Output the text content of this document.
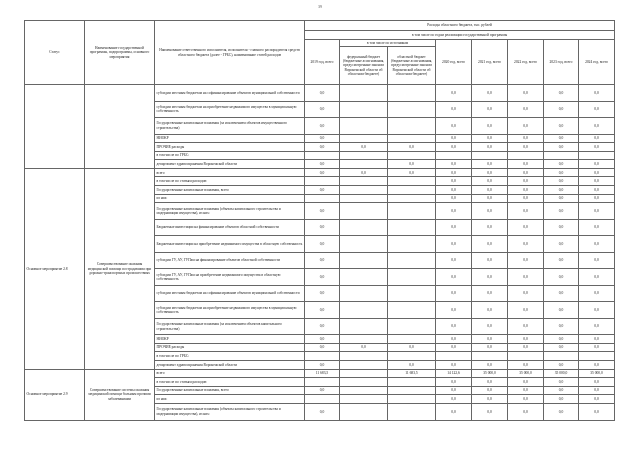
39
Статус	Наименование государственной программы, подпрограммы, основного мероприятия	Наименование ответственного исполнителя, исполнителя - главного распорядителя средств областного бюджета (далее - ГРБС), наименование статей расходов	Расходы областного бюджета, тыс. рублей							
			в том числе по годам реализации государственной программы							
			2019 год, всего	в том числе по источникам		2020 год, всего	2021 год, всего	2022 год, всего	2023 год, всего	2024 год, всего
				федеральный бюджет (бюджетные ассигнования, предусмотренные законом Воронежской области об областном бюджете)	областной бюджет (бюджетные ассигнования, предусмотренные законом Воронежской области об областном бюджете)					
		субсидии местным бюджетам на софинансирование объектов муниципальной собственности	0,0			0,0	0,0	0,0	0,0	0,0
		субсидии местным бюджетам на приобретение недвижимого имущества в муниципальную собственность	0,0			0,0	0,0	0,0	0,0	0,0
		Государственные капитальные вложения (за исключением объектов имущественного строительства)	0,0			0,0	0,0	0,0	0,0	0,0
		НИОКР	0,0			0,0	0,0	0,0	0,0	0,0
		ПРОЧИЕ расходы	0,0	0,0	0,0	0,0	0,0	0,0	0,0	0,0
		в том числе по ГРБС:								
		департамент здравоохранения Воронежской области	0,0		0,0	0,0	0,0	0,0	0,0	0,0
Основное мероприятие 2.8	Совершенствование оказания медицинской помощи пострадавшим при дорожно-транспортных происшествиях	всего	0,0	0,0	0,0	0,0	0,0	0,0	0,0	0,0
		в том числе по статьям расходов:				0,0	0,0	0,0	0,0	0,0
		Государственные капитальные вложения, всего	0,0			0,0	0,0	0,0	0,0	0,0
		из них:				0,0	0,0	0,0	0,0	0,0
		Государственные капитальные вложения (объекты капитального строительства и модернизации имущества), из них:	0,0			0,0	0,0	0,0	0,0	0,0
		Бюджетные инвестиции на финансирование объектов областной собственности	0,0			0,0	0,0	0,0	0,0	0,0
		Бюджетные инвестиции на приобретение недвижимого имущества в областную собственность	0,0			0,0	0,0	0,0	0,0	0,0
		субсидии ГУ, АУ, ГУПам на финансирование объектов областной собственности	0,0			0,0	0,0	0,0	0,0	0,0
		субсидии ГУ, АУ, ГУПам на приобретение недвижимого имущества в областную собственность	0,0			0,0	0,0	0,0	0,0	0,0
		субсидии местным бюджетам на софинансирование объектов муниципальной собственности	0,0			0,0	0,0	0,0	0,0	0,0
		субсидии местным бюджетам на приобретение недвижимого имущества в муниципальную собственность	0,0			0,0	0,0	0,0	0,0	0,0
		Государственные капитальные вложения (за исключением объектов капитального строительства)	0,0			0,0	0,0	0,0	0,0	0,0
		НИОКР	0,0			0,0	0,0	0,0	0,0	0,0
		ПРОЧИЕ расходы	0,0	0,0	0,0	0,0	0,0	0,0	0,0	0,0
		в том числе по ГРБС:								
		департамент здравоохранения Воронежской области	0,0		0,0	0,0	0,0	0,0	0,0	0,0
Основное мероприятие 2.9	Совершенствование системы оказания медицинской помощи больным прочими заболеваниями	всего	11 683,5		11 683,5	14 122,6	35 000,0	35 000,0	35 000,0	35 000,0
		в том числе по статьям расходов:				0,0	0,0	0,0	0,0	0,0
		Государственные капитальные вложения, всего	0,0			0,0	0,0	0,0	0,0	0,0
		из них:				0,0	0,0	0,0	0,0	0,0
		Государственные капитальные вложения (объекты капитального строительства и модернизации имущества), из них:	0,0			0,0	0,0	0,0	0,0	0,0
